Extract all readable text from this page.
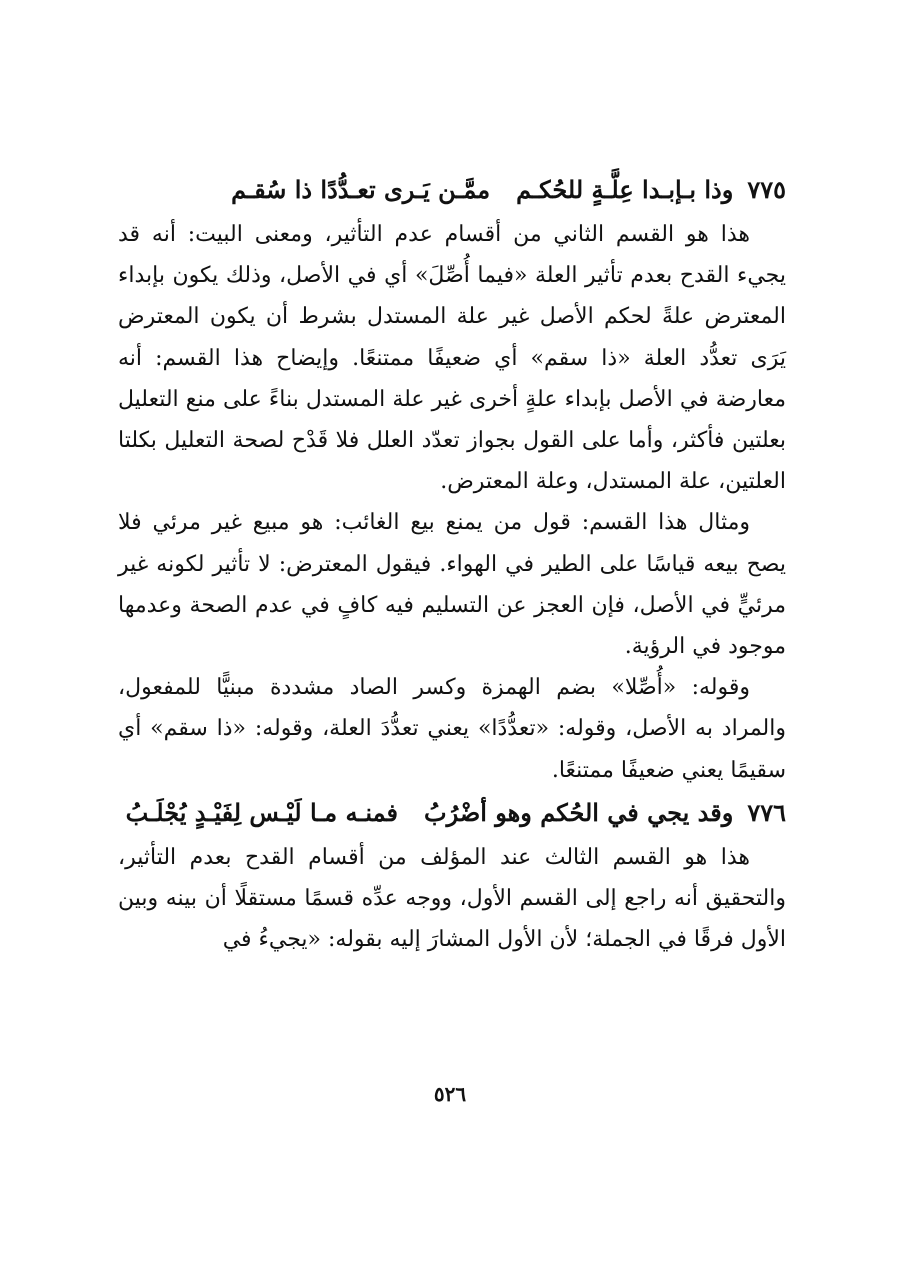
٧٧٥
وذا بـإبـدا عِلَّـةٍ للحُكـم
ممَّـن يَـرى تعـدُّدًا ذا سُقـم

هذا هو القسم الثاني من أقسام عدم التأثير، ومعنى البيت: أنه قد يجيء القدح بعدم تأثير العلة «فيما أُصِّلَ» أي في الأصل، وذلك يكون بإبداء المعترض علةً لحكم الأصل غير علة المستدل بشرط أن يكون المعترض يَرَى تعدُّد العلة «ذا سقم» أي ضعيفًا ممتنعًا. وإيضاح هذا القسم: أنه معارضة في الأصل بإبداء علةٍ أخرى غير علة المستدل بناءً على منع التعليل بعلتين فأكثر، وأما على القول بجواز تعدّد العلل فلا قَدْح لصحة التعليل بكلتا العلتين، علة المستدل، وعلة المعترض.

ومثال هذا القسم: قول من يمنع بيع الغائب: هو مبيع غير مرئي فلا يصح بيعه قياسًا على الطير في الهواء. فيقول المعترض: لا تأثير لكونه غير مرئيٍّ في الأصل، فإن العجز عن التسليم فيه كافٍ في عدم الصحة وعدمها موجود في الرؤية.

وقوله: «أُصِّلا» بضم الهمزة وكسر الصاد مشددة مبنيًّا للمفعول، والمراد به الأصل، وقوله: «تعدُّدًا» يعني تعدُّدَ العلة، وقوله: «ذا سقم» أي سقيمًا يعني ضعيفًا ممتنعًا.

٧٧٦
وقد يجي في الحُكم وهو أضْرُبُ
فمنـه مـا لَيْـس لِفَيْـدٍ يُجْلَـبُ

هذا هو القسم الثالث عند المؤلف من أقسام القدح بعدم التأثير، والتحقيق أنه راجع إلى القسم الأول، ووجه عدِّه قسمًا مستقلًا أن بينه وبين الأول فرقًا في الجملة؛ لأن الأول المشارَ إليه بقوله: «يجيءُ في

٥٢٦
